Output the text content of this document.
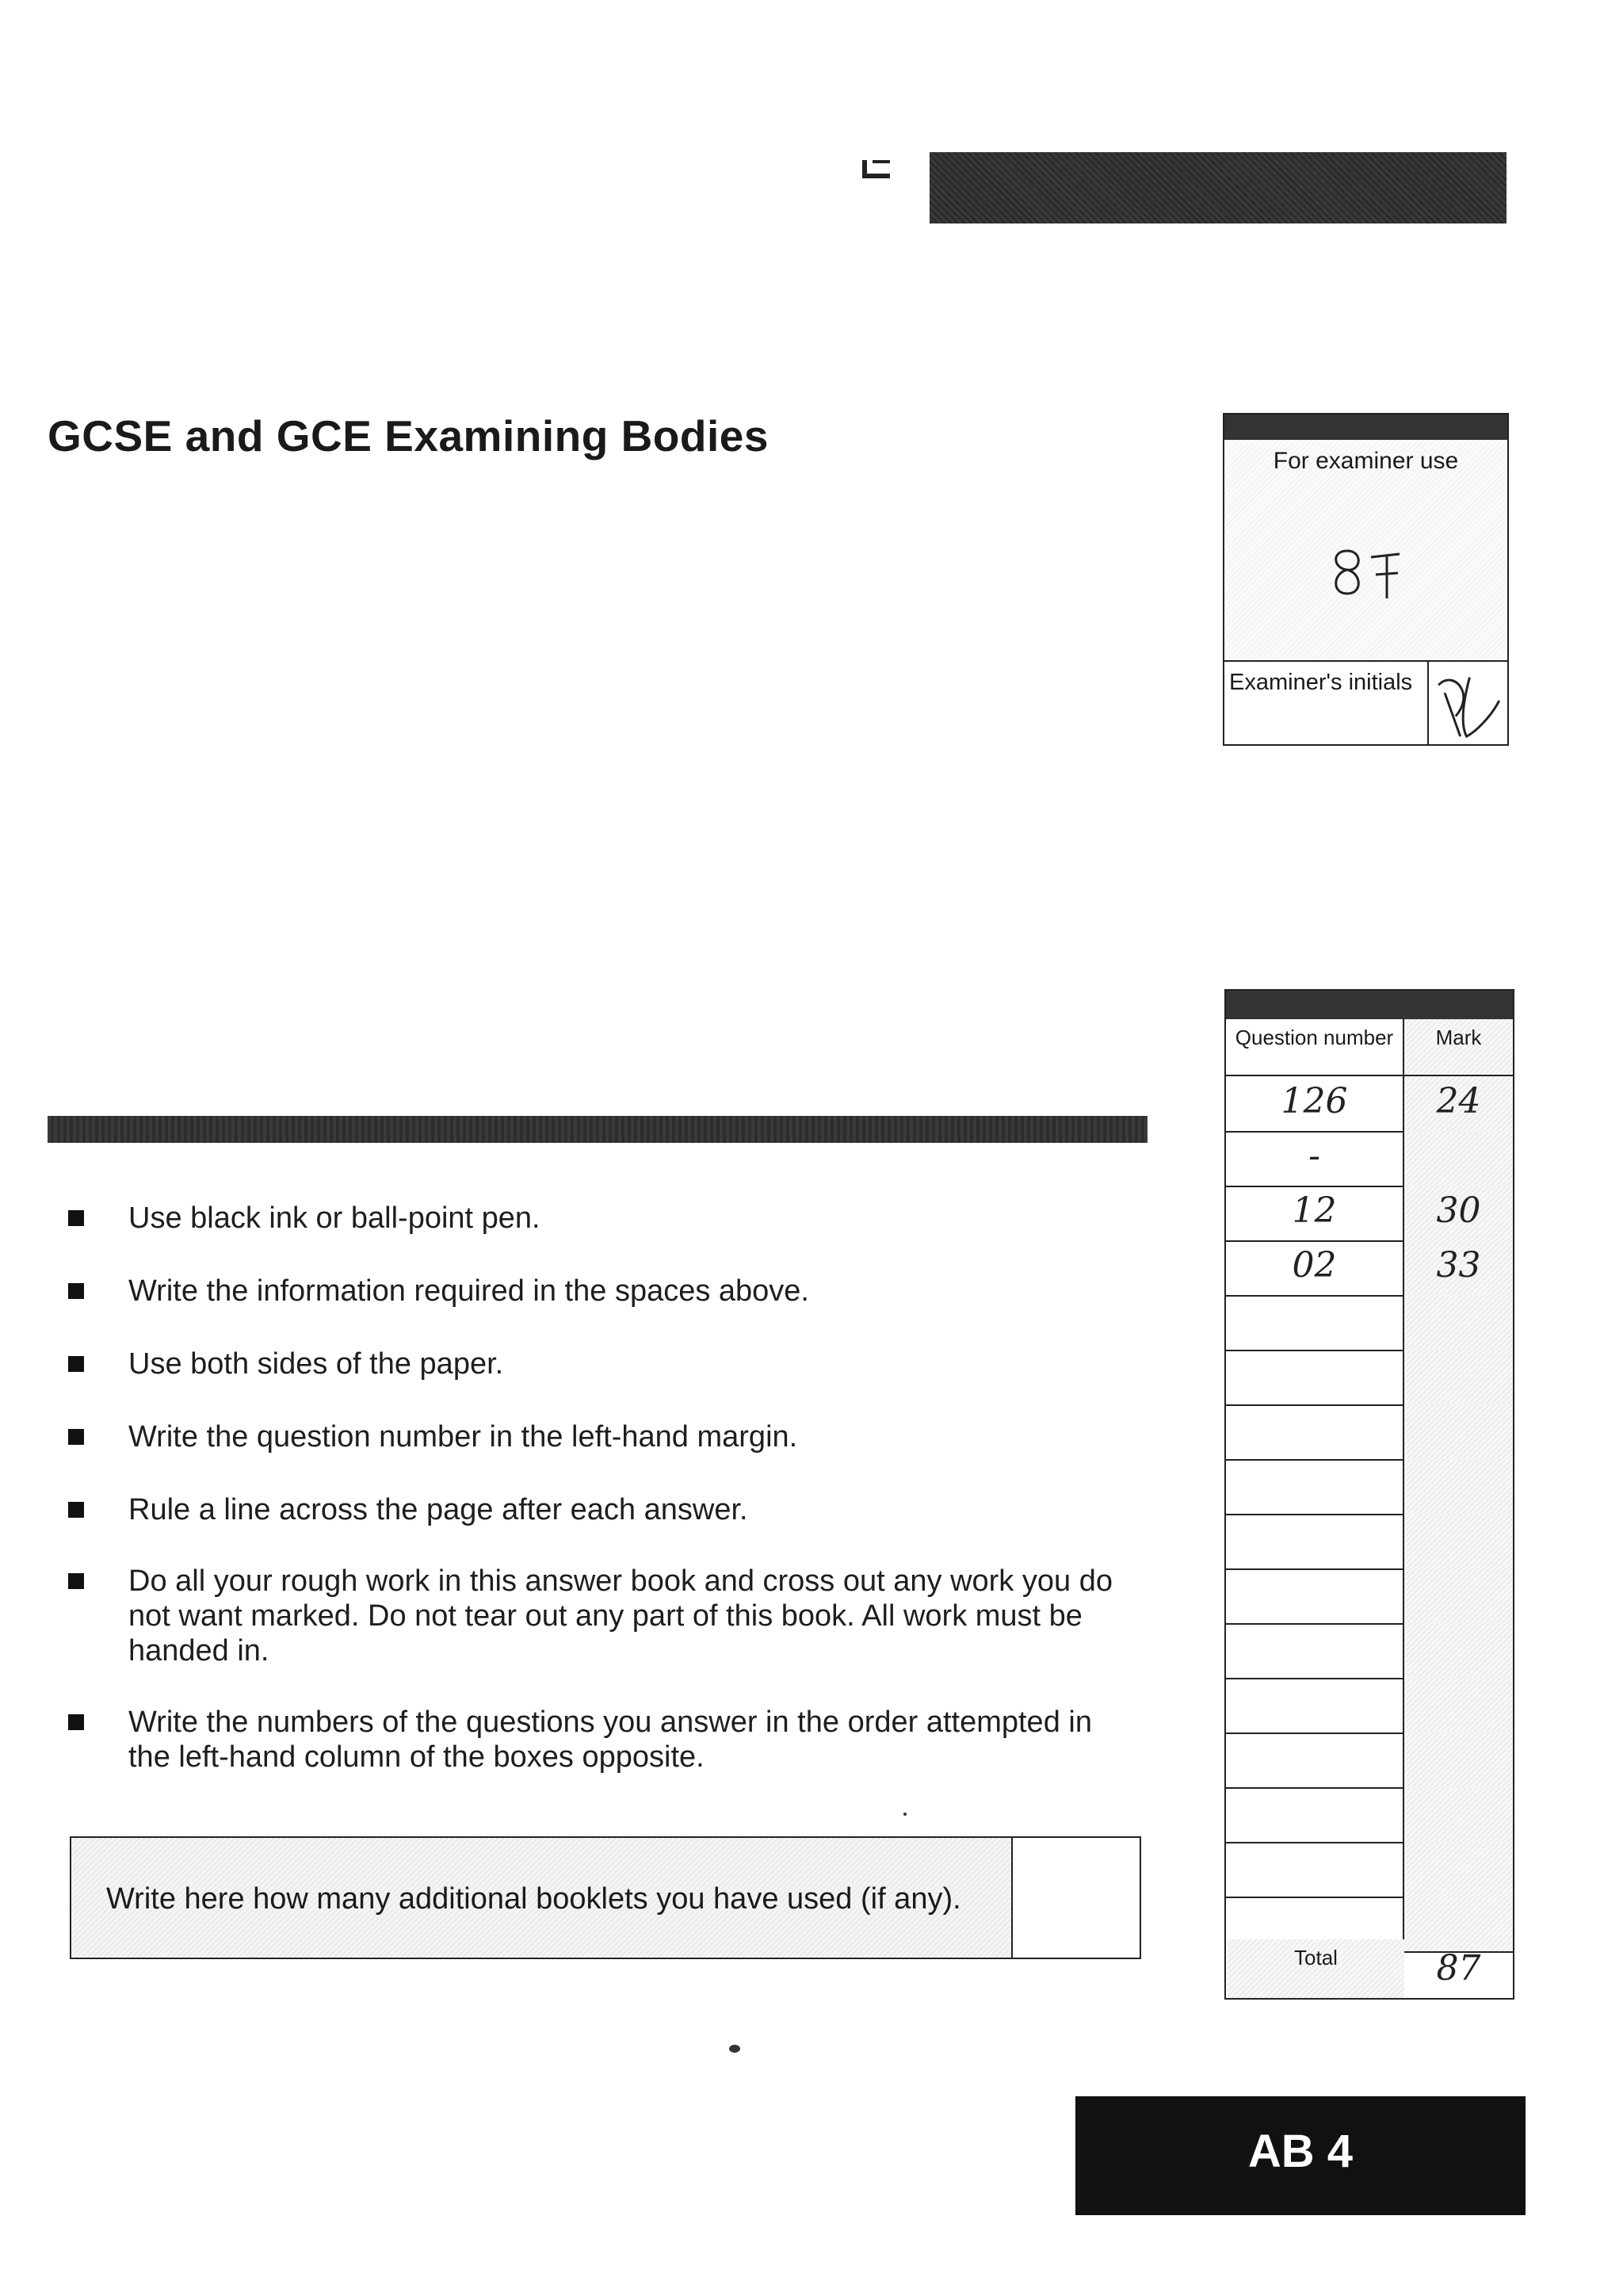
GCSE and GCE Examining Bodies
For examiner use
Examiner's initials
Question number	Mark
126	24
-
12	30
02	33
Total	87
Use black ink or ball-point pen.
Write the information required in the spaces above.
Use both sides of the paper.
Write the question number in the left-hand margin.
Rule a line across the page after each answer.
Do all your rough work in this answer book and cross out any work you do not want marked. Do not tear out any part of this book. All work must be handed in.
Write the numbers of the questions you answer in the order attempted in the left-hand column of the boxes opposite.
Write here how many additional booklets you have used (if any).
AB 4
